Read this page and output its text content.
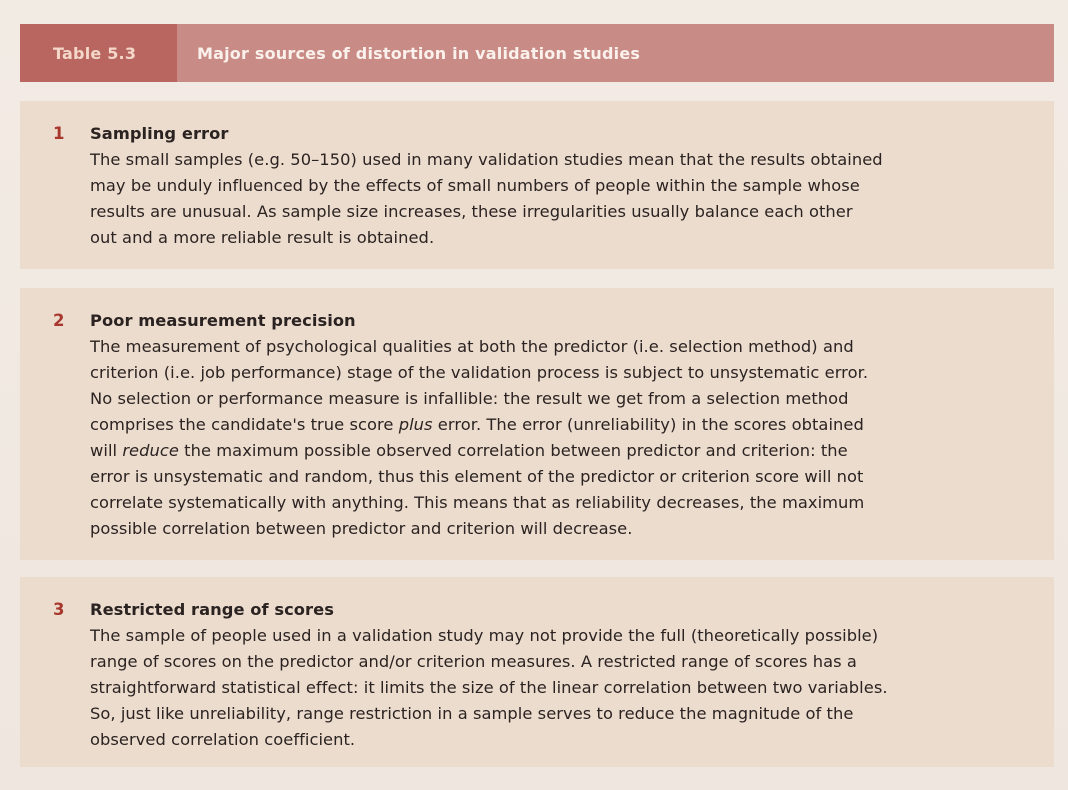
Table 5.3	Major sources of distortion in validation studies
1 Sampling error
The small samples (e.g. 50–150) used in many validation studies mean that the results obtained
may be unduly influenced by the effects of small numbers of people within the sample whose
results are unusual. As sample size increases, these irregularities usually balance each other
out and a more reliable result is obtained.
2 Poor measurement precision
The measurement of psychological qualities at both the predictor (i.e. selection method) and
criterion (i.e. job performance) stage of the validation process is subject to unsystematic error.
No selection or performance measure is infallible: the result we get from a selection method
comprises the candidate's true score plus error. The error (unreliability) in the scores obtained
will reduce the maximum possible observed correlation between predictor and criterion: the
error is unsystematic and random, thus this element of the predictor or criterion score will not
correlate systematically with anything. This means that as reliability decreases, the maximum
possible correlation between predictor and criterion will decrease.
3 Restricted range of scores
The sample of people used in a validation study may not provide the full (theoretically possible)
range of scores on the predictor and/or criterion measures. A restricted range of scores has a
straightforward statistical effect: it limits the size of the linear correlation between two variables.
So, just like unreliability, range restriction in a sample serves to reduce the magnitude of the
observed correlation coefficient.
